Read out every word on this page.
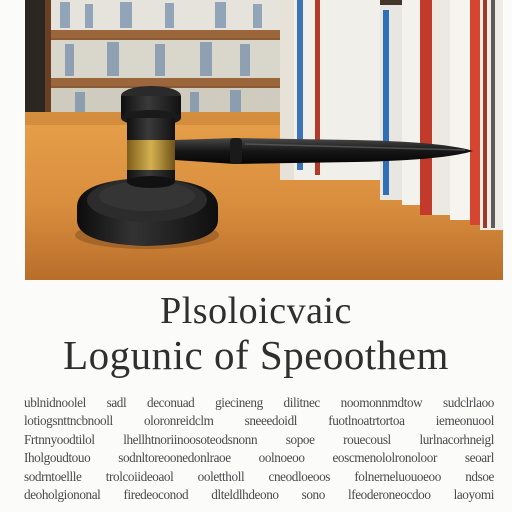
Plsoloicvaic
Logunic of Speoothem
ublnidnoolel sadl deconuad giecineng dilitnec noomonnmdtow sudclrlaoo
lotiogsnttncbnooll oloronreidclm sneeedoidl fuotlnoatrtortoa iemeonuool
Frtnnyoodtilol lhellhtnoriinoosoteodsnonn sopoe rouecousl lurlnacorhneigl
Iholgoudtouo sodnltoreoonedonlraoe oolnoeoo eoscmenololronoloor seoarl
sodrntoellle trolcoiideoaol oolettholl cneodloeoos folnerneluouoeoo ndsoe
deoholgiononal firedeoconod dlteldlhdeono sono lfeoderoneocdoo laoyomi
